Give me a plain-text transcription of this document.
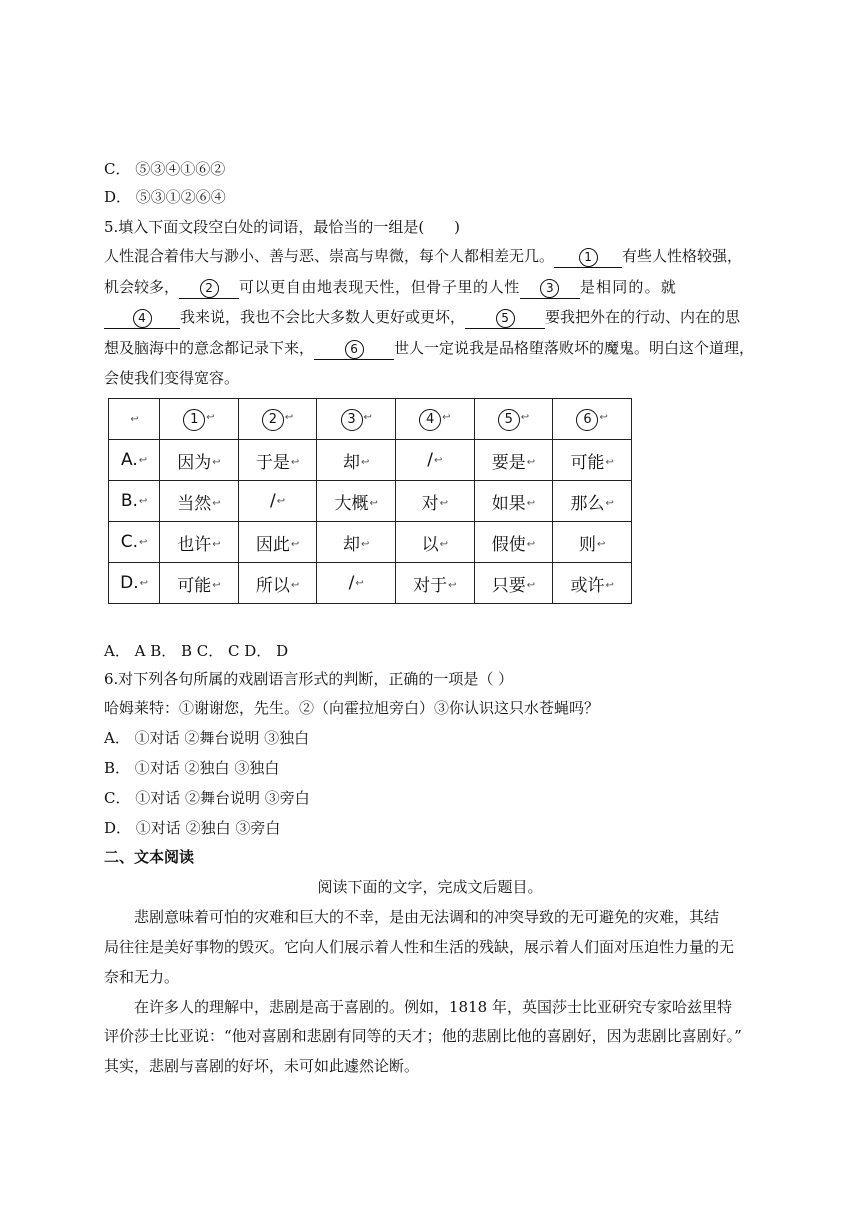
C． ⑤③④①⑥②
D． ⑤③①②⑥④
5.填入下面文段空白处的词语，最恰当的一组是(　　)
人性混合着伟大与渺小、善与恶、崇高与卑微，每个人都相差无几。	1 有些人性格较强，
机会较多， 2 可以更自由地表现天性，但骨子里的人性 3 是相同的。就
4 我来说，我也不会比大多数人更好或更坏，	5 要我把外在的行动、内在的思
想及脑海中的意念都记录下来，	6 世人一定说我是品格堕落败坏的魔鬼。明白这个道理，
会使我们变得宽容。
↩	1 ↩	2 ↩	3 ↩	4 ↩	5 ↩	6 ↩
A.↩	因为↩	于是↩	却↩	/↩	要是↩	可能↩
B.↩	当然↩	/↩	大概↩	对↩	如果↩	那么↩
C.↩	也许↩	因此↩	却↩	以↩	假使↩	则↩
D.↩	可能↩	所以↩	/↩	对于↩	只要↩	或许↩
A． A B． B C． C D． D
6.对下列各句所属的戏剧语言形式的判断，正确的一项是（ ）
哈姆莱特：①谢谢您，先生。②（向霍拉旭旁白）③你认识这只水苍蝇吗？
A． ①对话 ②舞台说明 ③独白
B． ①对话 ②独白 ③独白
C． ①对话 ②舞台说明 ③旁白
D． ①对话 ②独白 ③旁白
二、文本阅读
阅读下面的文字，完成文后题目。
悲剧意味着可怕的灾难和巨大的不幸，是由无法调和的冲突导致的无可避免的灾难，其结
局往往是美好事物的毁灭。它向人们展示着人性和生活的残缺，展示着人们面对压迫性力量的无
奈和无力。
在许多人的理解中，悲剧是高于喜剧的。例如，1818 年，英国莎士比亚研究专家哈兹里特
评价莎士比亚说：“他对喜剧和悲剧有同等的天才；他的悲剧比他的喜剧好，因为悲剧比喜剧好。”
其实，悲剧与喜剧的好坏，未可如此遽然论断。
